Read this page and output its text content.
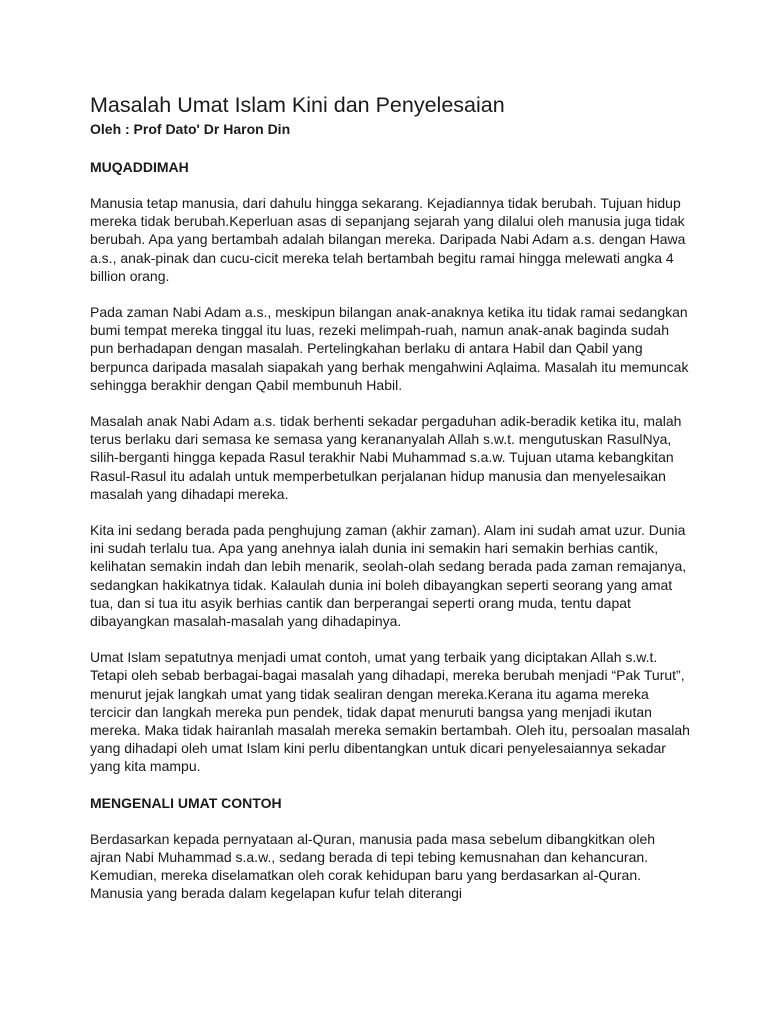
Masalah Umat Islam Kini dan Penyelesaian

Oleh : Prof Dato' Dr Haron Din

MUQADDIMAH

Manusia tetap manusia, dari dahulu hingga sekarang. Kejadiannya tidak berubah. Tujuan hidup mereka tidak berubah.Keperluan asas di sepanjang sejarah yang dilalui oleh manusia juga tidak berubah. Apa yang bertambah adalah bilangan mereka. Daripada Nabi Adam a.s. dengan Hawa a.s., anak-pinak dan cucu-cicit mereka telah bertambah begitu ramai hingga melewati angka 4 billion orang.

Pada zaman Nabi Adam a.s., meskipun bilangan anak-anaknya ketika itu tidak ramai sedangkan bumi tempat mereka tinggal itu luas, rezeki melimpah-ruah, namun anak-anak baginda sudah pun berhadapan dengan masalah. Pertelingkahan berlaku di antara Habil dan Qabil yang berpunca daripada masalah siapakah yang berhak mengahwini Aqlaima. Masalah itu memuncak sehingga berakhir dengan Qabil membunuh Habil.

Masalah anak Nabi Adam a.s. tidak berhenti sekadar pergaduhan adik-beradik ketika itu, malah terus berlaku dari semasa ke semasa yang kerananyalah Allah s.w.t. mengutuskan RasulNya, silih-berganti hingga kepada Rasul terakhir Nabi Muhammad s.a.w. Tujuan utama kebangkitan Rasul-Rasul itu adalah untuk memperbetulkan perjalanan hidup manusia dan menyelesaikan masalah yang dihadapi mereka.

Kita ini sedang berada pada penghujung zaman (akhir zaman). Alam ini sudah amat uzur. Dunia ini sudah terlalu tua. Apa yang anehnya ialah dunia ini semakin hari semakin berhias cantik, kelihatan semakin indah dan lebih menarik, seolah-olah sedang berada pada zaman remajanya, sedangkan hakikatnya tidak. Kalaulah dunia ini boleh dibayangkan seperti seorang yang amat tua, dan si tua itu asyik berhias cantik dan berperangai seperti orang muda, tentu dapat dibayangkan masalah-masalah yang dihadapinya.

Umat Islam sepatutnya menjadi umat contoh, umat yang terbaik yang diciptakan Allah s.w.t. Tetapi oleh sebab berbagai-bagai masalah yang dihadapi, mereka berubah menjadi “Pak Turut”, menurut jejak langkah umat yang tidak sealiran dengan mereka.Kerana itu agama mereka tercicir dan langkah mereka pun pendek, tidak dapat menuruti bangsa yang menjadi ikutan mereka. Maka tidak hairanlah masalah mereka semakin bertambah. Oleh itu, persoalan masalah yang dihadapi oleh umat Islam kini perlu dibentangkan untuk dicari penyelesaiannya sekadar yang kita mampu.

MENGENALI UMAT CONTOH

Berdasarkan kepada pernyataan al-Quran, manusia pada masa sebelum dibangkitkan oleh ajran Nabi Muhammad s.a.w., sedang berada di tepi tebing kemusnahan dan kehancuran. Kemudian, mereka diselamatkan oleh corak kehidupan baru yang berdasarkan al-Quran. Manusia yang berada dalam kegelapan kufur telah diterangi
